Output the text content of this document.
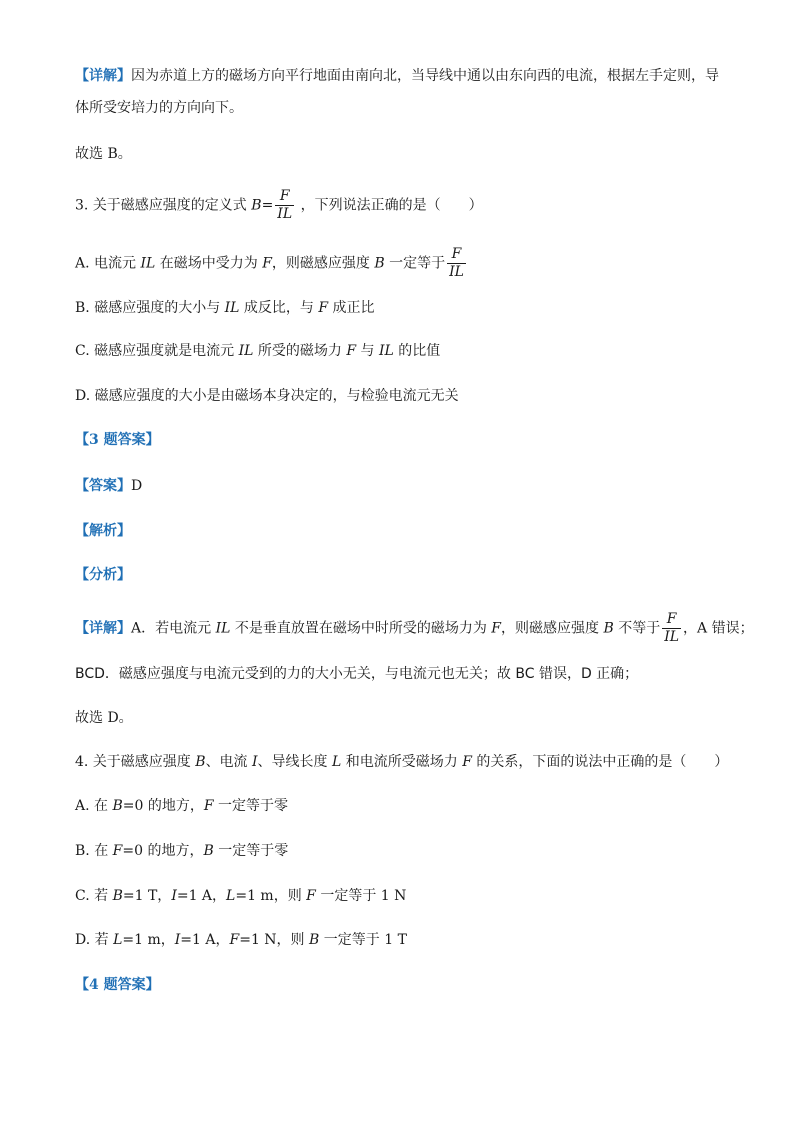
【详解】因为赤道上方的磁场方向平行地面由南向北，当导线中通以由东向西的电流，根据左手定则，导
体所受安培力的方向向下。
故选 B。
3. 关于磁感应强度的定义式 $B= \frac{F}{IL}$ ，下列说法正确的是（　　）
A. 电流元 IL 在磁场中受力为 F，则磁感应强度 B 一定等于 $\frac{F}{IL}$
B. 磁感应强度的大小与 IL 成反比，与 F 成正比
C. 磁感应强度就是电流元 IL 所受的磁场力 F 与 IL 的比值
D. 磁感应强度的大小是由磁场本身决定的，与检验电流元无关
【3 题答案】
【答案】D
【解析】
【分析】
【详解】A．若电流元 IL 不是垂直放置在磁场中时所受的磁场力为 F，则磁感应强度 B 不等于 $\frac{F}{IL}$ ，A 错误；
BCD．磁感应强度与电流元受到的力的大小无关，与电流元也无关；故 BC 错误，D 正确；
故选 D。
4. 关于磁感应强度 B、电流 I、导线长度 L 和电流所受磁场力 F 的关系，下面的说法中正确的是（　　）
A. 在 B=0 的地方，F 一定等于零
B. 在 F=0 的地方，B 一定等于零
C. 若 B=1 T，I=1 A，L=1 m，则 F 一定等于 1 N
D. 若 L=1 m，I=1 A，F=1 N，则 B 一定等于 1 T
【4 题答案】
